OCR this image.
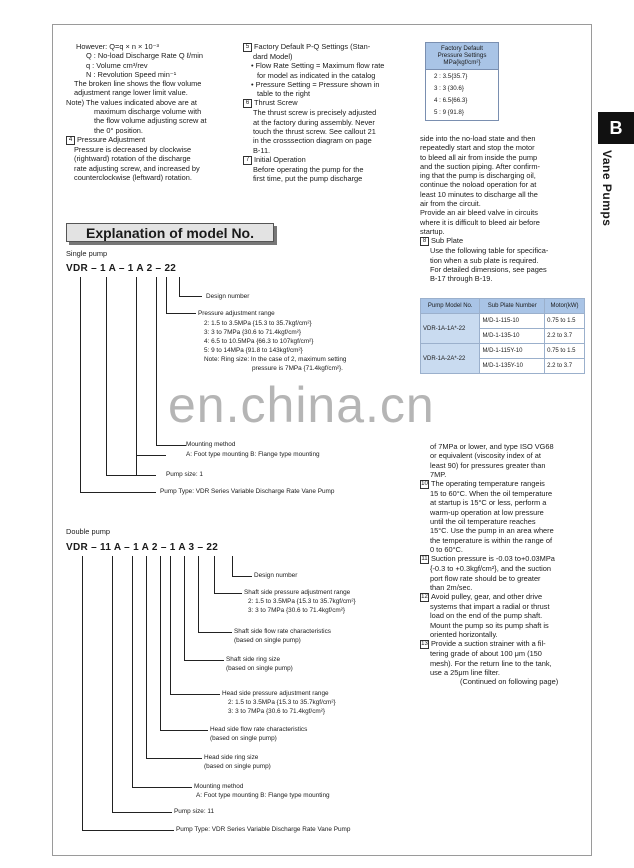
B
Vane Pumps
However: Q=q × n × 10⁻³
Q : No-load Discharge Rate Q ℓ/min
q : Volume cm³/rev
N : Revolution Speed min⁻¹
The broken line shows the flow volume
adjustment range lower limit value.
Note) The values indicated above are at
maximum discharge volume with
the flow volume adjusting screw at
the 0° position.
4 Pressure Adjustment
Pressure is decreased by clockwise
(rightward) rotation of the discharge
rate adjusting screw, and increased by
counterclockwise (leftward) rotation.
5 Factory Default P-Q Settings (Stan-
dard Model)
• Flow Rate Setting = Maximum flow rate
for model as indicated in the catalog
• Pressure Setting = Pressure shown in
table to the right
6 Thrust Screw
The thrust screw is precisely adjusted
at the factory during assembly. Never
touch the thrust screw. See callout 21
in the crosssection diagram on page
B-11.
7 Initial Operation
Before operating the pump for the
first time, put the pump discharge
Factory Default
Pressure Settings
MPa{kgf/cm²}
2 : 3.5{35.7}
3 : 3 {30.6}
4 : 6.5{66.3}
5 : 9 {91.8}
side into the no-load state and then
repeatedly start and stop the motor
to bleed all air from inside the pump
and the suction piping. After confirm-
ing that the pump is discharging oil,
continue the noload operation for at
least 10 minutes to discharge all the
air from the circuit.
Provide an air bleed valve in circuits
where it is difficult to bleed air before
startup.
8 Sub Plate
Use the following table for specifica-
tion when a sub plate is required.
For detailed dimensions, see pages
B-17 through B-19.
Pump Model No.	Sub Plate Number	Motor(kW)
VDR-1A-1A*-22	M/D-1-115-10	0.75 to 1.5
	M/D-1-135-10	2.2 to 3.7
VDR-1A-2A*-22	M/D-1-115Y-10	0.75 to 1.5
	M/D-1-135Y-10	2.2 to 3.7
of 7MPa or lower, and type ISO VG68
or equivalent (viscosity index of at
least 90) for pressures greater than
7MP.
10 The operating temperature rangeis
15 to 60°C. When the oil temperature
at startup is 15°C or less, perform a
warm-up operation at low pressure
until the oil temperature reaches
15°C. Use the pump in an area where
the temperature is within the range of
0 to 60°C.
11 Suction pressure is -0.03 to+0.03MPa
{-0.3 to +0.3kgf/cm²}, and the suction
port flow rate should be to greater
than 2m/sec.
12 Avoid pulley, gear, and other drive
systems that impart a radial or thrust
load on the end of the pump shaft.
Mount the pump so its pump shaft is
oriented horizontally.
13 Provide a suction strainer with a fil-
tering grade of about 100 μm (150
mesh). For the return line to the tank,
use a 25μm line filter.
(Continued on following page)
Explanation of model No.
Single pump
VDR – 1 A – 1 A 2 – 22
Design number
Pressure adjustment range
2: 1.5 to 3.5MPa {15.3 to 35.7kgf/cm²}
3: 3 to 7MPa {30.6 to 71.4kgf/cm²}
4: 6.5 to 10.5MPa {66.3 to 107kgf/cm²}
5: 9 to 14MPa {91.8 to 143kgf/cm²}
Note: Ring size: In the case of 2, maximum setting
pressure is 7MPa {71.4kgf/cm²}.
Mounting method
A: Foot type mounting B: Flange type mounting
Pump size: 1
Pump Type: VDR Series Variable Discharge Rate Vane Pump
en.china.cn
Double pump
VDR – 11 A – 1 A 2 – 1 A 3 – 22
Design number
Shaft side pressure adjustment range
2: 1.5 to 3.5MPa {15.3 to 35.7kgf/cm²}
3: 3 to 7MPa {30.6 to 71.4kgf/cm²}
Shaft side flow rate characteristics
(based on single pump)
Shaft side ring size
(based on single pump)
Head side pressure adjustment range
2: 1.5 to 3.5MPa {15.3 to 35.7kgf/cm²}
3: 3 to 7MPa {30.6 to 71.4kgf/cm²}
Head side flow rate characteristics
(based on single pump)
Head side ring size
(based on single pump)
Mounting method
A: Foot type mounting B: Flange type mounting
Pump size: 11
Pump Type: VDR Series Variable Discharge Rate Vane Pump
